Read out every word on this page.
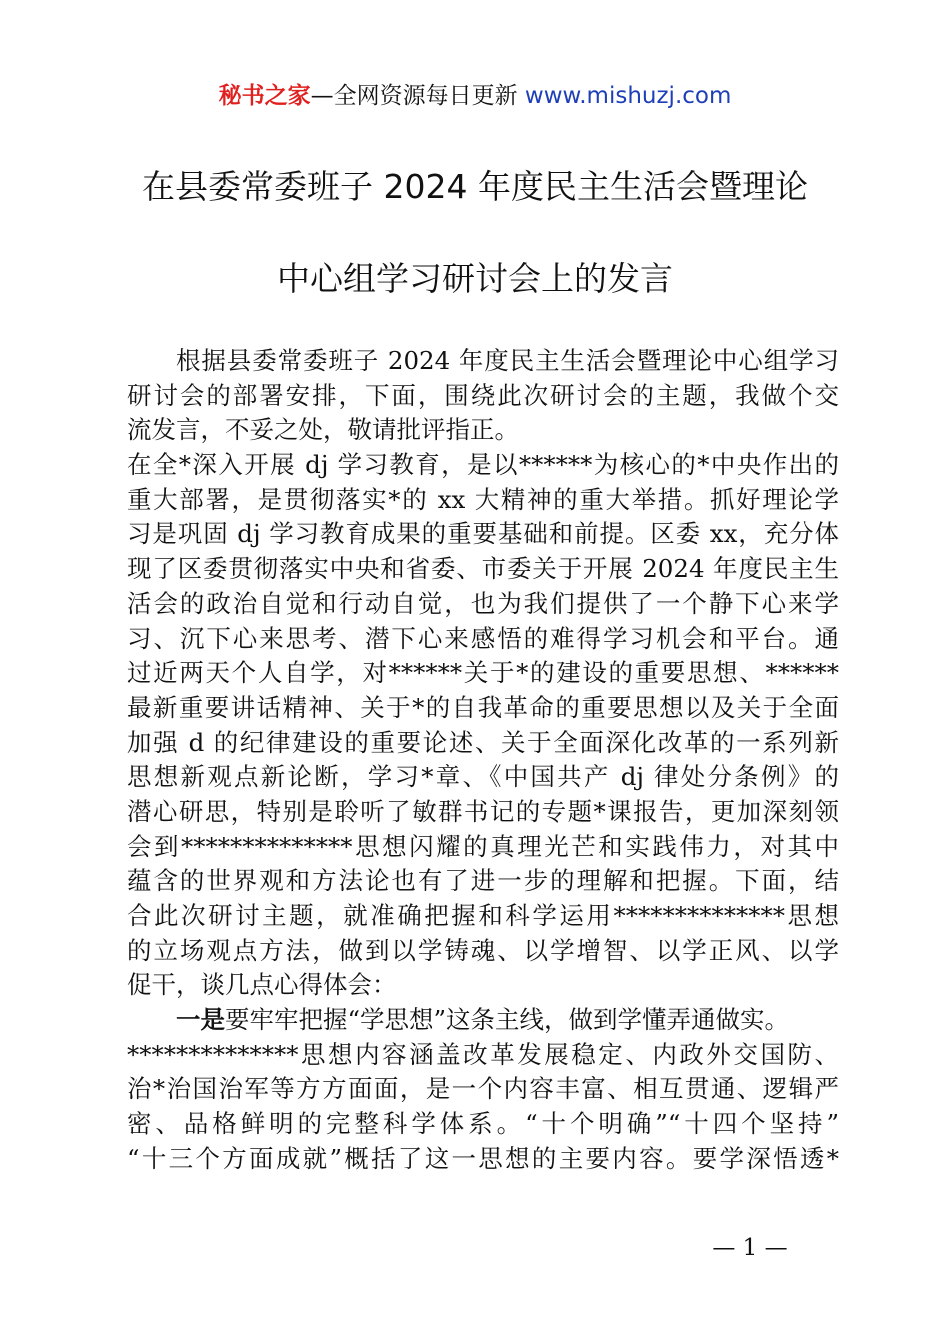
秘书之家—全网资源每日更新 www.mishuzj.com
在县委常委班子 2024 年度民主生活会暨理论
中心组学习研讨会上的发言
根据县委常委班子 2024 年度民主生活会暨理论中心组学习
研讨会的部署安排，下面，围绕此次研讨会的主题，我做个交
流发言，不妥之处，敬请批评指正。
在全*深入开展 dj 学习教育，是以******为核心的*中央作出的
重大部署，是贯彻落实*的 xx 大精神的重大举措。抓好理论学
习是巩固 dj 学习教育成果的重要基础和前提。区委 xx，充分体
现了区委贯彻落实中央和省委、市委关于开展 2024 年度民主生
活会的政治自觉和行动自觉，也为我们提供了一个静下心来学
习、沉下心来思考、潜下心来感悟的难得学习机会和平台。通
过近两天个人自学，对******关于*的建设的重要思想、******
最新重要讲话精神、关于*的自我革命的重要思想以及关于全面
加强 d 的纪律建设的重要论述、关于全面深化改革的一系列新
思想新观点新论断，学习*章、《中国共产 dj 律处分条例》的
潜心研思，特别是聆听了敏群书记的专题*课报告，更加深刻领
会到**************思想闪耀的真理光芒和实践伟力，对其中
蕴含的世界观和方法论也有了进一步的理解和把握。下面，结
合此次研讨主题，就准确把握和科学运用**************思想
的立场观点方法，做到以学铸魂、以学增智、以学正风、以学
促干，谈几点心得体会：
一是要牢牢把握“学思想”这条主线，做到学懂弄通做实。
**************思想内容涵盖改革发展稳定、内政外交国防、
治*治国治军等方方面面，是一个内容丰富、相互贯通、逻辑严
密、品格鲜明的完整科学体系。“十个明确”“十四个坚持”
“十三个方面成就”概括了这一思想的主要内容。要学深悟透*
— 1 —
